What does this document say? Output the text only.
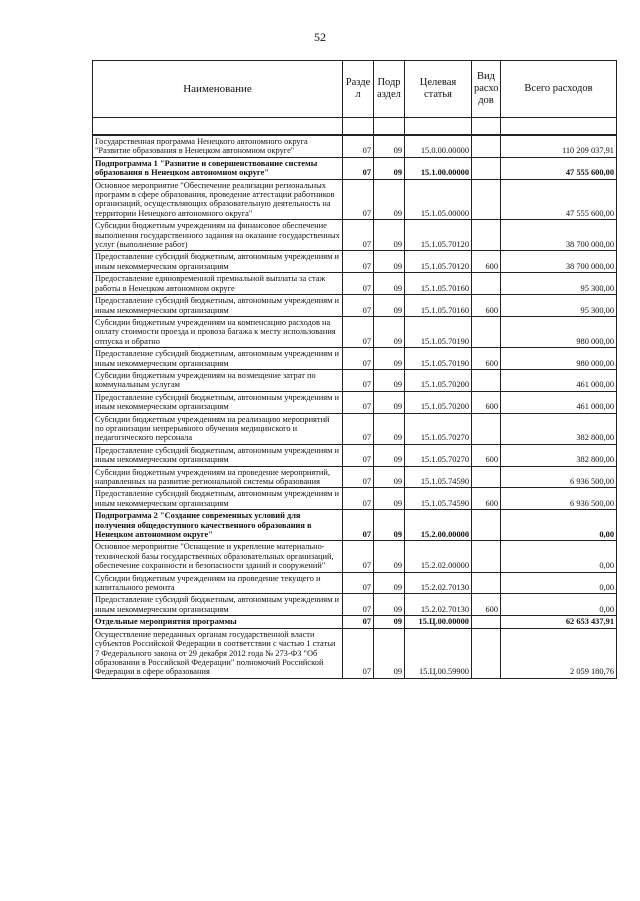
52
Наименование	Разде л	Подр аздел	Целевая статья	Вид расхо дов	Всего расходов

Государственная программа Ненецкого автономного округа "Развитие образования в Ненецком автономном округе"	07	09	15.0.00.00000		110 209 037,91
Подпрограмма 1 "Развитие и совершенствование системы образования в Ненецком автономном округе"	07	09	15.1.00.00000		47 555 600,00
Основное мероприятие "Обеспечение реализации региональных программ в сфере образования, проведение аттестации работников организаций, осуществляющих образовательную деятельность на территории Ненецкого автономного округа"	07	09	15.1.05.00000		47 555 600,00
Субсидии бюджетным учреждениям на финансовое обеспечение выполнения государственного задания на оказание государственных услуг (выполнение работ)	07	09	15.1.05.70120		38 700 000,00
Предоставление субсидий бюджетным, автономным учреждениям и иным некоммерческим организациям	07	09	15.1.05.70120	600	38 700 000,00
Предоставление единовременной премиальной выплаты за стаж работы в Ненецком автономном округе	07	09	15.1.05.70160		95 300,00
Предоставление субсидий бюджетным, автономным учреждениям и иным некоммерческим организациям	07	09	15.1.05.70160	600	95 300,00
Субсидии бюджетным учреждениям на компенсацию расходов на оплату стоимости проезда и провоза багажа к месту использования отпуска и обратно	07	09	15.1.05.70190		980 000,00
Предоставление субсидий бюджетным, автономным учреждениям и иным некоммерческим организациям	07	09	15.1.05.70190	600	980 000,00
Субсидии бюджетным учреждениям на возмещение затрат по коммунальным услугам	07	09	15.1.05.70200		461 000,00
Предоставление субсидий бюджетным, автономным учреждениям и иным некоммерческим организациям	07	09	15.1.05.70200	600	461 000,00
Субсидии бюджетным учреждениям на реализацию мероприятий по организации непрерывного обучения медицинского и педагогического персонала	07	09	15.1.05.70270		382 800,00
Предоставление субсидий бюджетным, автономным учреждениям и иным некоммерческим организациям	07	09	15.1.05.70270	600	382 800,00
Субсидии бюджетным учреждениям на проведение мероприятий, направленных на развитие региональной системы образования	07	09	15.1.05.74590		6 936 500,00
Предоставление субсидий бюджетным, автономным учреждениям и иным некоммерческим организациям	07	09	15.1.05.74590	600	6 936 500,00
Подпрограмма 2 "Создание современных условий для получения общедоступного качественного образования в Ненецком автономном округе"	07	09	15.2.00.00000		0,00
Основное мероприятие "Оснащение и укрепление материально-технической базы государственных образовательных организаций, обеспечение сохранности и безопасности зданий и сооружений"	07	09	15.2.02.00000		0,00
Субсидии бюджетным учреждениям на проведение текущего и капитального ремонта	07	09	15.2.02.70130		0,00
Предоставление субсидий бюджетным, автономным учреждениям и иным некоммерческим организациям	07	09	15.2.02.70130	600	0,00
Отдельные мероприятия программы	07	09	15.Ц.00.00000		62 653 437,91
Осуществление переданных органам государственной власти субъектов Российской Федерации в соответствии с частью 1 статьи 7 Федерального закона от 29 декабря 2012 года № 273-ФЗ "Об образовании в Российской Федерации" полномочий Российской Федерации в сфере образования	07	09	15.Ц.00.59900		2 059 180,76
